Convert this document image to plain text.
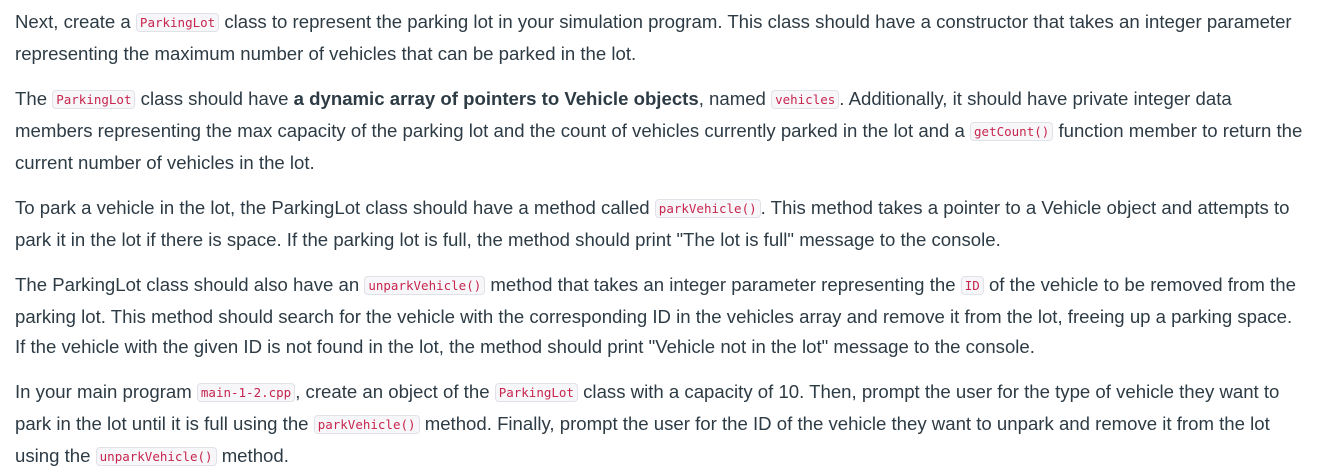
Next, create a ParkingLot class to represent the parking lot in your simulation program. This class should have a constructor that takes an integer parameter representing the maximum number of vehicles that can be parked in the lot.

The ParkingLot class should have a dynamic array of pointers to Vehicle objects, named vehicles . Additionally, it should have private integer data members representing the max capacity of the parking lot and the count of vehicles currently parked in the lot and a getCount() function member to return the current number of vehicles in the lot.

To park a vehicle in the lot, the ParkingLot class should have a method called parkVehicle() . This method takes a pointer to a Vehicle object and attempts to park it in the lot if there is space. If the parking lot is full, the method should print "The lot is full" message to the console.

The ParkingLot class should also have an unparkVehicle() method that takes an integer parameter representing the ID of the vehicle to be removed from the parking lot. This method should search for the vehicle with the corresponding ID in the vehicles array and remove it from the lot, freeing up a parking space. If the vehicle with the given ID is not found in the lot, the method should print "Vehicle not in the lot" message to the console.

In your main program main-1-2.cpp , create an object of the ParkingLot class with a capacity of 10. Then, prompt the user for the type of vehicle they want to park in the lot until it is full using the parkVehicle() method. Finally, prompt the user for the ID of the vehicle they want to unpark and remove it from the lot using the unparkVehicle() method.
